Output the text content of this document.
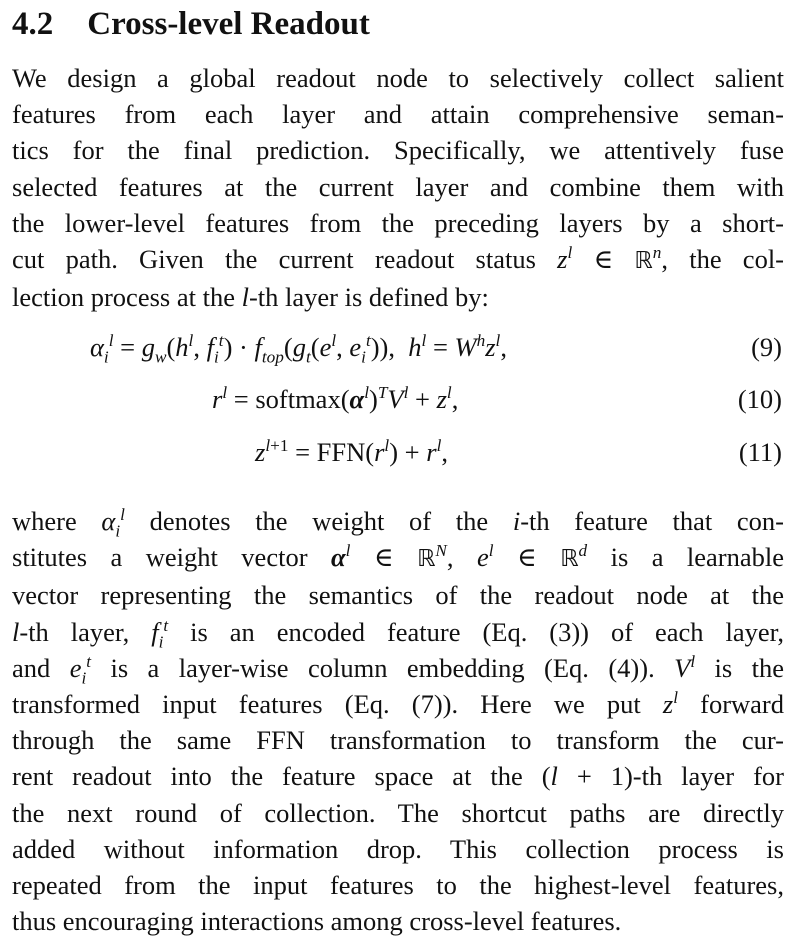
4.2 Cross-level Readout
We design a global readout node to selectively collect salient
features from each layer and attain comprehensive seman-
tics for the final prediction. Specifically, we attentively fuse
selected features at the current layer and combine them with
the lower-level features from the preceding layers by a short-
cut path. Given the current readout status $z^l$ ∈ ℝ$^n$, the col-
lection process at the l-th layer is defined by:
$\alpha_i^l = g_w(h^l$, $f_i^t) \cdot f_{top}(g_t(e^l$, $e_i^t$)),  $h^l = W^hz^l$,	(9)
$r^l$ = $softmax(\alpha^l)^TV^l + z^l$,	(10)
$z^{l+1} = FFN(r^l) + r^l$,	(11)
where $\alpha_i^l$ denotes the weight of the i-th feature that con-
stitutes a weight vector $\alpha^l$ ∈ ℝ$^N$, $e^l$ ∈ ℝ$^d$ is a learnable
vector representing the semantics of the readout node at the
l-th layer, $f_i^t$ is an encoded feature (Eq. (3)) of each layer,
and $e_i^t$ is a layer-wise column embedding (Eq. (4)). $V^l$ is the
transformed input features (Eq. (7)). Here we put $z^l$ forward
through the same FFN transformation to transform the cur-
rent readout into the feature space at the (l + 1)-th layer for
the next round of collection. The shortcut paths are directly
added without information drop. This collection process is
repeated from the input features to the highest-level features,
thus encouraging interactions among cross-level features.
